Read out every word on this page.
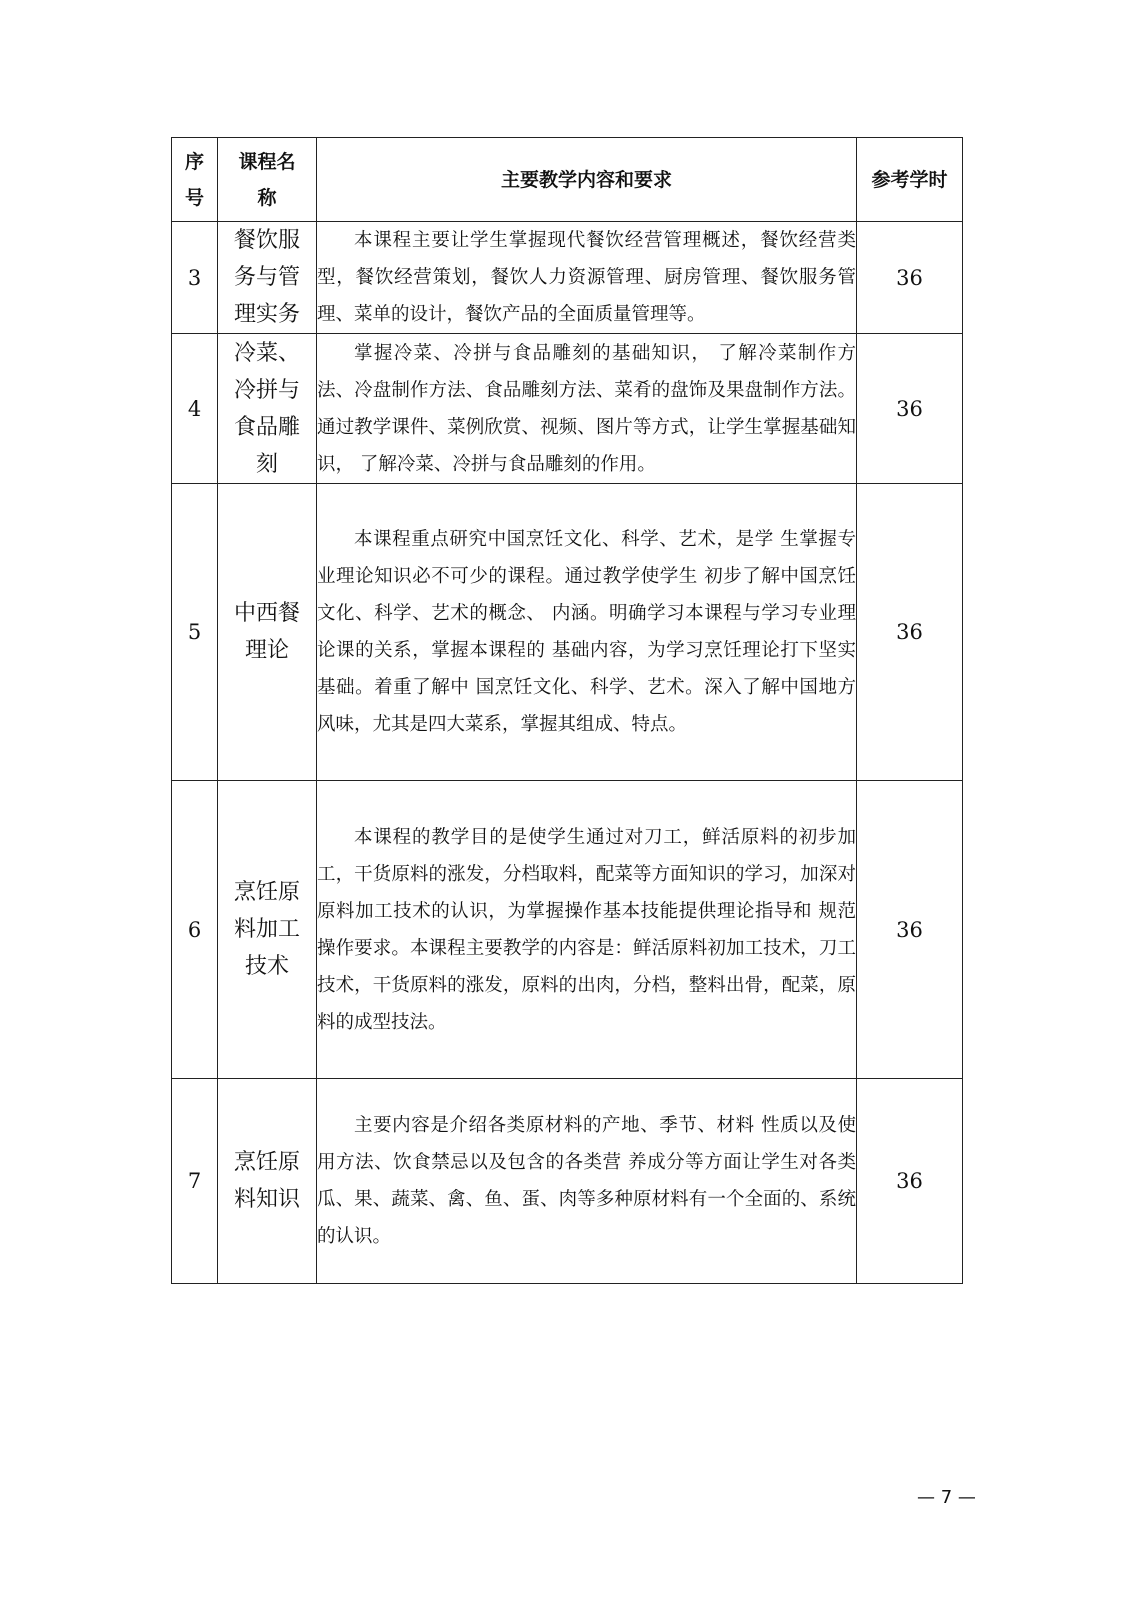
序号	课程名称	主要教学内容和要求	参考学时
3	餐饮服务与管理实务	本课程主要让学生掌握现代餐饮经营管理概述，餐饮经营类型，餐饮经营策划，餐饮人力资源管理、厨房管理、餐饮服务管理、菜单的设计，餐饮产品的全面质量管理等。	36
4	冷菜、冷拼与食品雕刻	掌握冷菜、冷拼与食品雕刻的基础知识， 了解冷菜制作方法、冷盘制作方法、食品雕刻方法、菜肴的盘饰及果盘制作方法。通过教学课件、菜例欣赏、视频、图片等方式，让学生掌握基础知识， 了解冷菜、冷拼与食品雕刻的作用。	36
5	中西餐理论	本课程重点研究中国烹饪文化、科学、艺术，是学 生掌握专业理论知识必不可少的课程。通过教学使学生 初步了解中国烹饪文化、科学、艺术的概念、 内涵。明确学习本课程与学习专业理论课的关系，掌握本课程的 基础内容，为学习烹饪理论打下坚实基础。着重了解中 国烹饪文化、科学、艺术。深入了解中国地方风味，尤其是四大菜系，掌握其组成、特点。	36
6	烹饪原料加工技术	本课程的教学目的是使学生通过对刀工，鲜活原料的初步加工，干货原料的涨发，分档取料，配菜等方面知识的学习，加深对原料加工技术的认识，为掌握操作基本技能提供理论指导和 规范操作要求。本课程主要教学的内容是：鲜活原料初加工技术，刀工技术，干货原料的涨发，原料的出肉，分档，整料出骨，配菜，原料的成型技法。	36
7	烹饪原料知识	主要内容是介绍各类原材料的产地、季节、材料 性质以及使用方法、饮食禁忌以及包含的各类营 养成分等方面让学生对各类瓜、果、蔬菜、禽、鱼、蛋、肉等多种原材料有一个全面的、系统的认识。	36
— 7 —
